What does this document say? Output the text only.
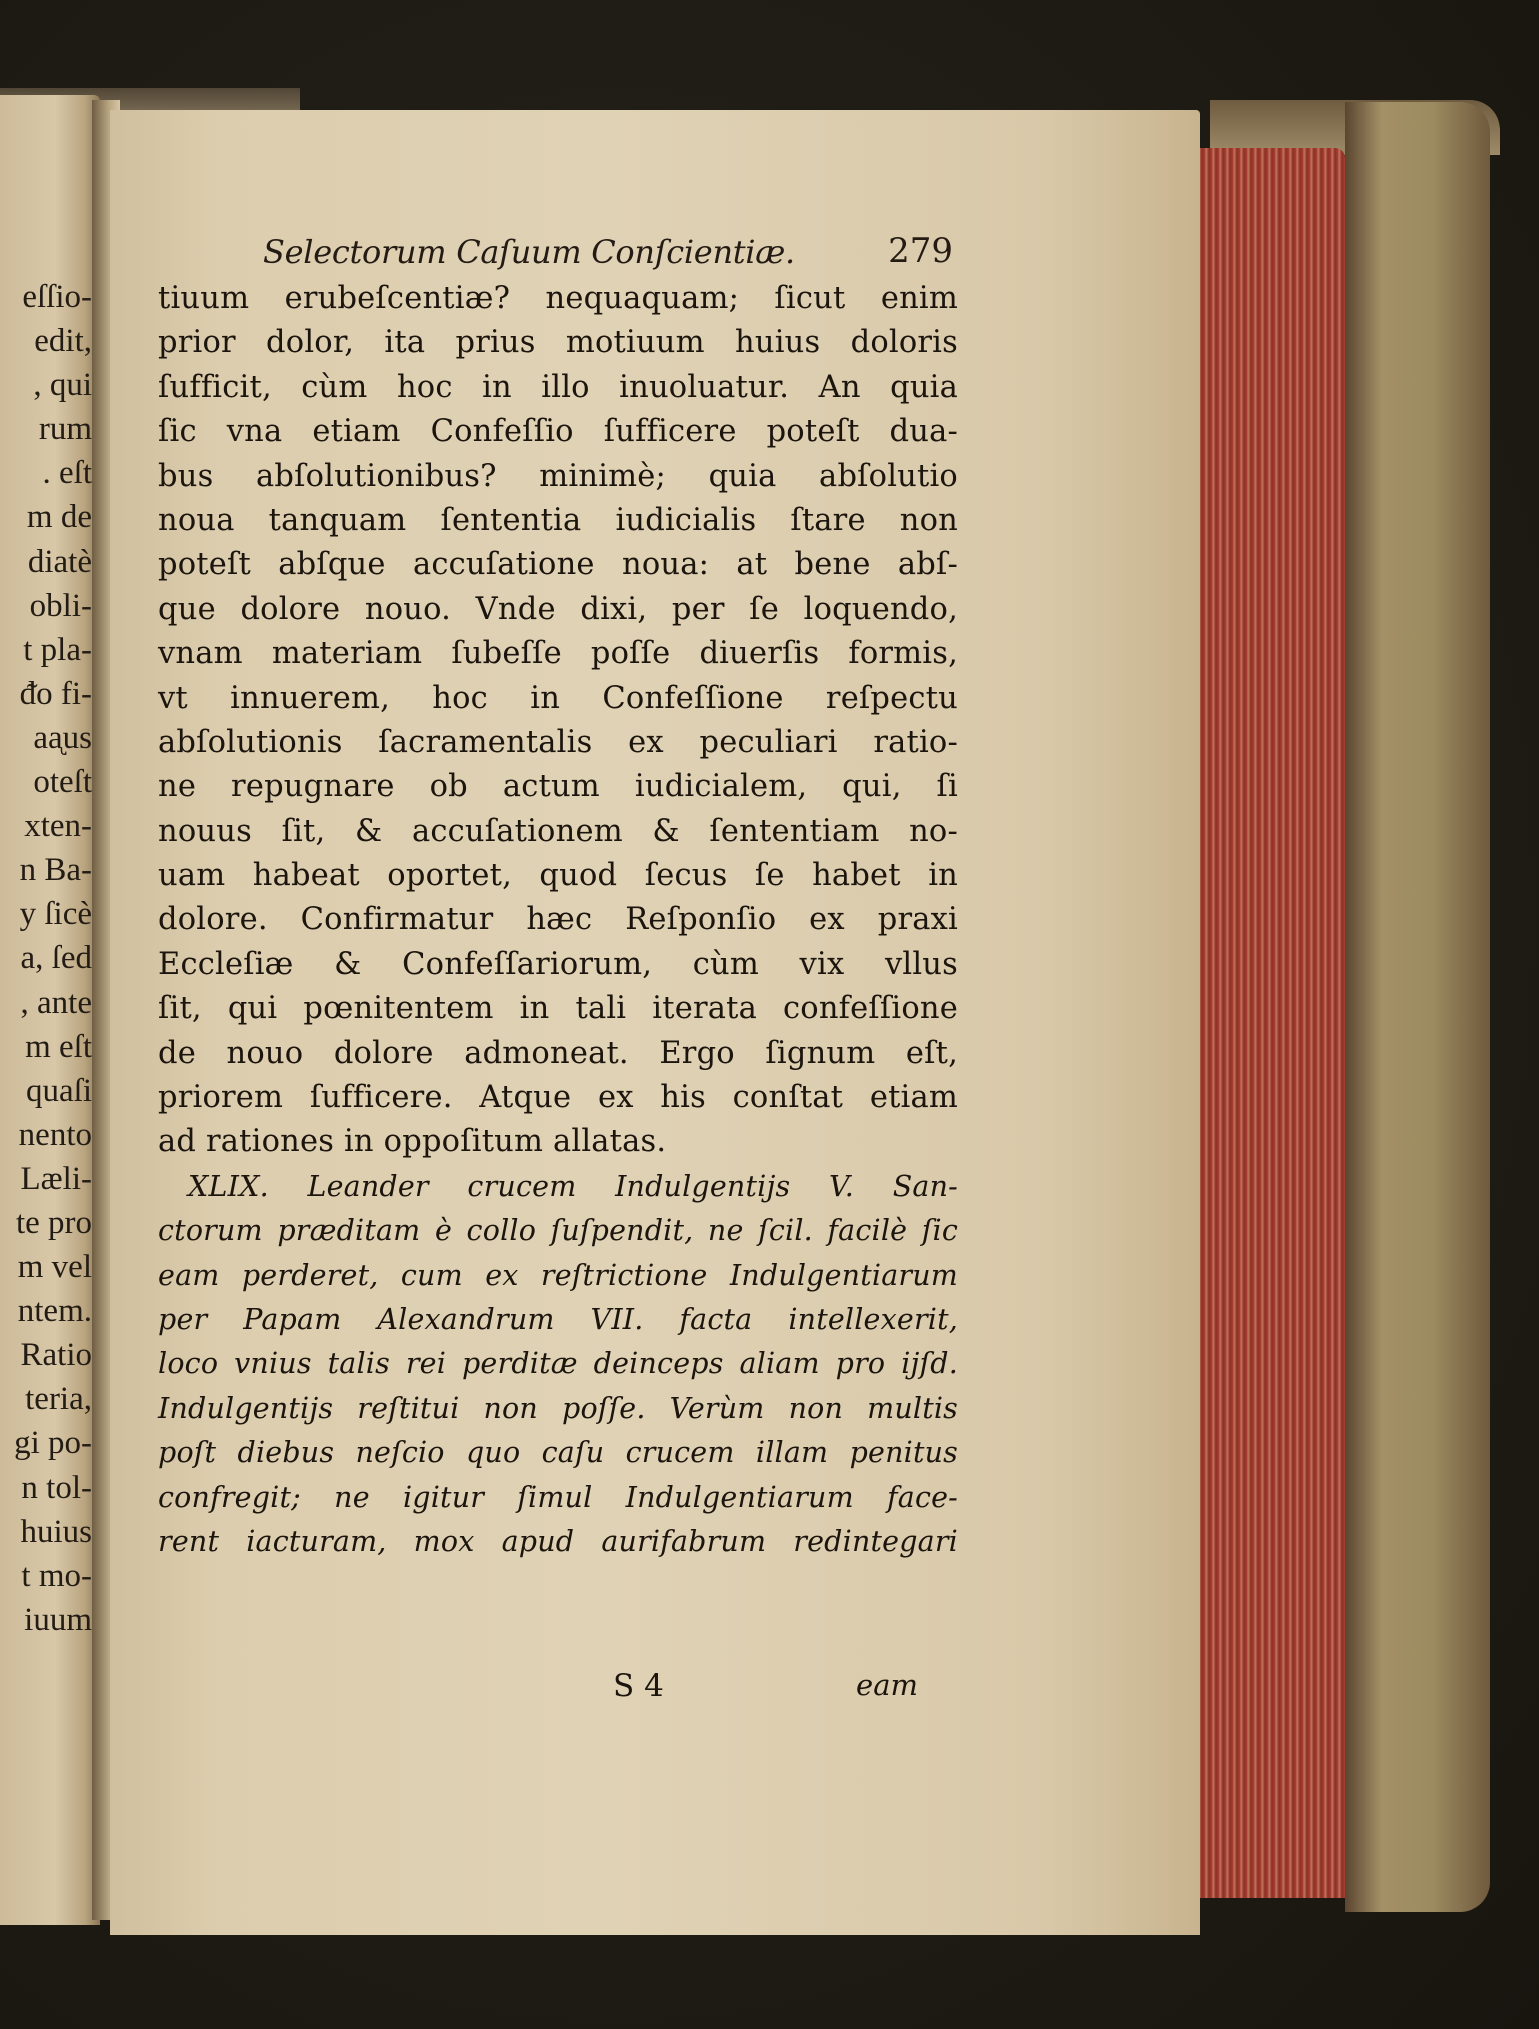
eſſio-
edit,
, qui
rum
. eſt
m de
diatè
obli-
t pla-
ᵭo fi-
aᶏus
oteſt
xten-
n Ba-
y ſicè
a, ſed
, ante
m eſt
quaſi
nento
Læli-
te pro
m vel
ntem.
Ratio
teria,
gi po-
n tol-
huius
t mo-
iuum
Selectorum Caſuum Conſcientiæ.	279
tiuum erubeſcentiæ? nequaquam; ſicut enim
prior dolor, ita prius motiuum huius doloris
ſufficit, cùm hoc in illo inuoluatur. An quia
ſic vna etiam Confeſſio ſufficere poteſt dua-
bus abſolutionibus? minimè; quia abſolutio
noua tanquam ſententia iudicialis ſtare non
poteſt abſque accuſatione noua: at bene abſ-
que dolore nouo. Vnde dixi, per ſe loquendo,
vnam materiam ſubeſſe poſſe diuerſis formis,
vt innuerem, hoc in Confeſſione reſpectu
abſolutionis ſacramentalis ex peculiari ratio-
ne repugnare ob actum iudicialem, qui, ſi
nouus ſit, & accuſationem & ſententiam no-
uam habeat oportet, quod ſecus ſe habet in
dolore. Confirmatur hæc Reſponſio ex praxi
Eccleſiæ & Confeſſariorum, cùm vix vllus
ſit, qui pœnitentem in tali iterata confeſſione
de nouo dolore admoneat. Ergo ſignum eſt,
priorem ſufficere. Atque ex his conſtat etiam
ad rationes in oppoſitum allatas.
XLIX. Leander crucem Indulgentijs V. San-
ctorum præditam è collo ſuſpendit, ne ſcil. facilè ſic
eam perderet, cum ex reſtrictione Indulgentiarum
per Papam Alexandrum VII. facta intellexerit,
loco vnius talis rei perditæ deinceps aliam pro ijſd.
Indulgentijs reſtitui non poſſe. Verùm non multis
poſt diebus neſcio quo caſu crucem illam penitus
confregit; ne igitur ſimul Indulgentiarum face-
rent iacturam, mox apud aurifabrum redintegari
S 4	eam
